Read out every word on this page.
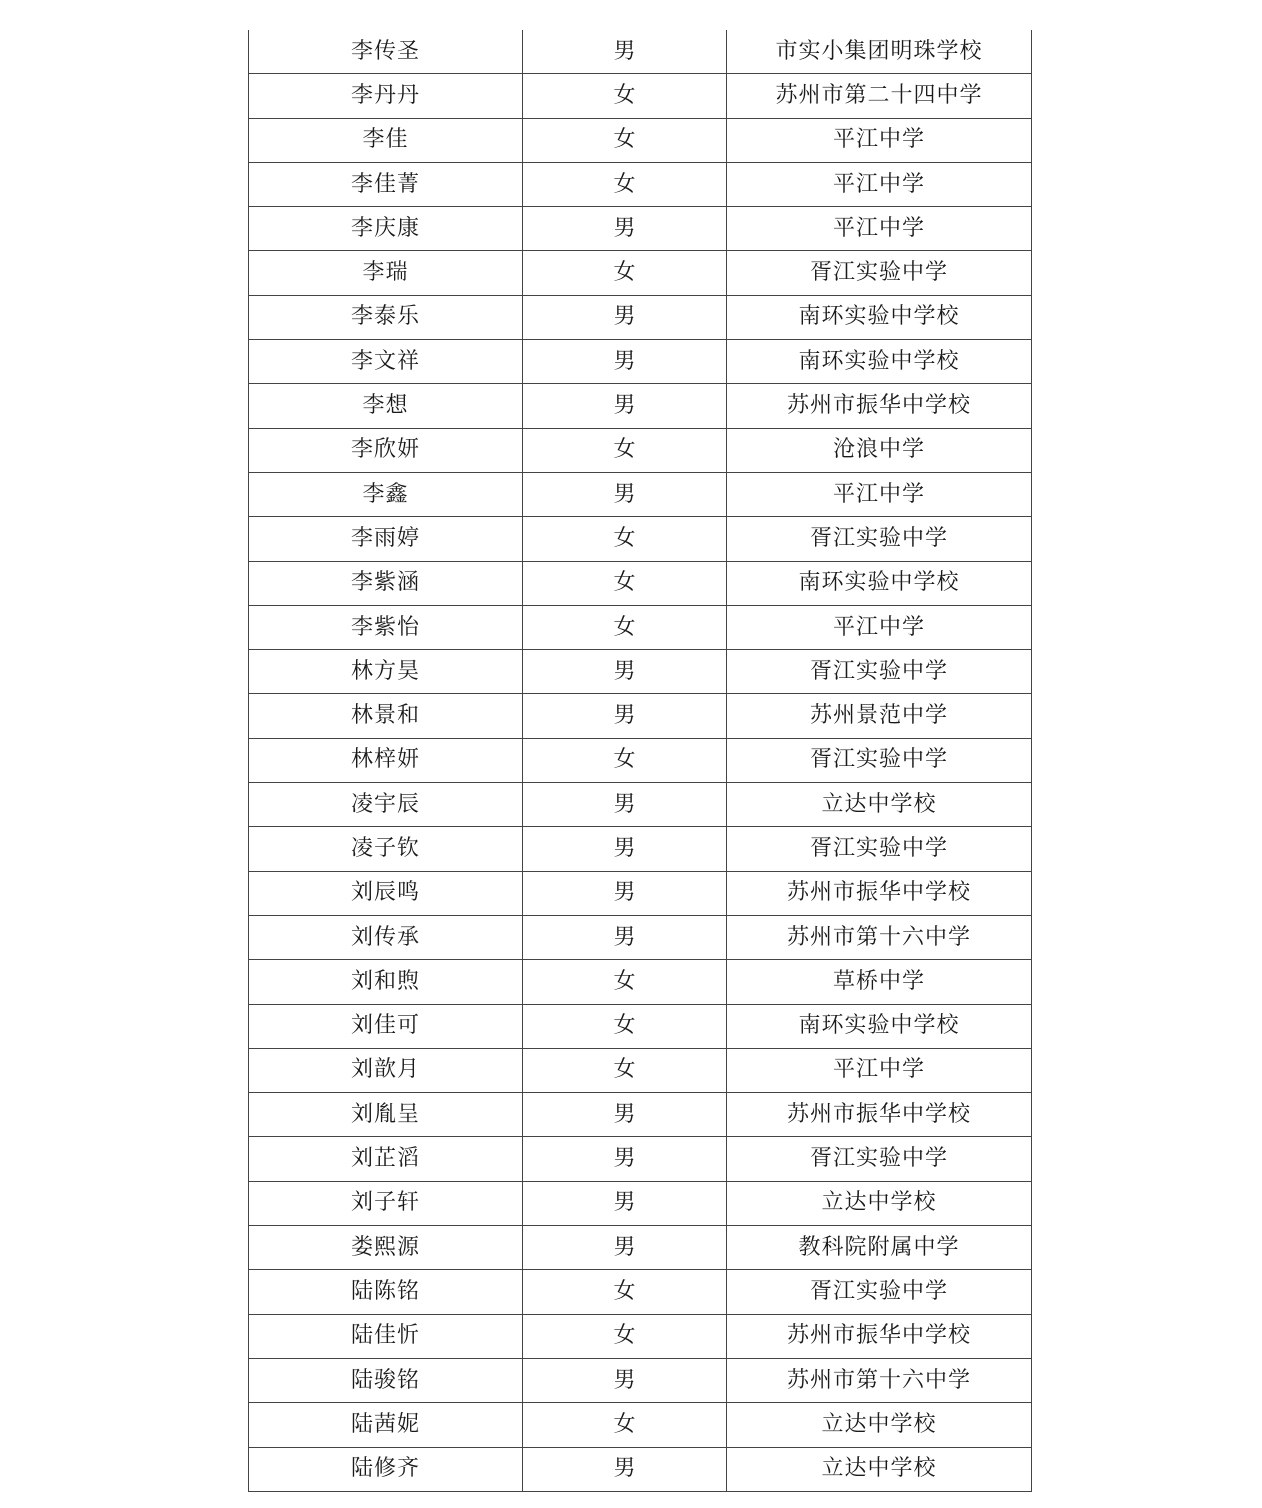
李传圣	男	市实小集团明珠学校
李丹丹	女	苏州市第二十四中学
李佳	女	平江中学
李佳菁	女	平江中学
李庆康	男	平江中学
李瑞	女	胥江实验中学
李泰乐	男	南环实验中学校
李文祥	男	南环实验中学校
李想	男	苏州市振华中学校
李欣妍	女	沧浪中学
李鑫	男	平江中学
李雨婷	女	胥江实验中学
李紫涵	女	南环实验中学校
李紫怡	女	平江中学
林方昊	男	胥江实验中学
林景和	男	苏州景范中学
林梓妍	女	胥江实验中学
凌宇辰	男	立达中学校
凌子钦	男	胥江实验中学
刘辰鸣	男	苏州市振华中学校
刘传承	男	苏州市第十六中学
刘和煦	女	草桥中学
刘佳可	女	南环实验中学校
刘歆月	女	平江中学
刘胤呈	男	苏州市振华中学校
刘芷滔	男	胥江实验中学
刘子轩	男	立达中学校
娄熙源	男	教科院附属中学
陆陈铭	女	胥江实验中学
陆佳忻	女	苏州市振华中学校
陆骏铭	男	苏州市第十六中学
陆茜妮	女	立达中学校
陆修齐	男	立达中学校
